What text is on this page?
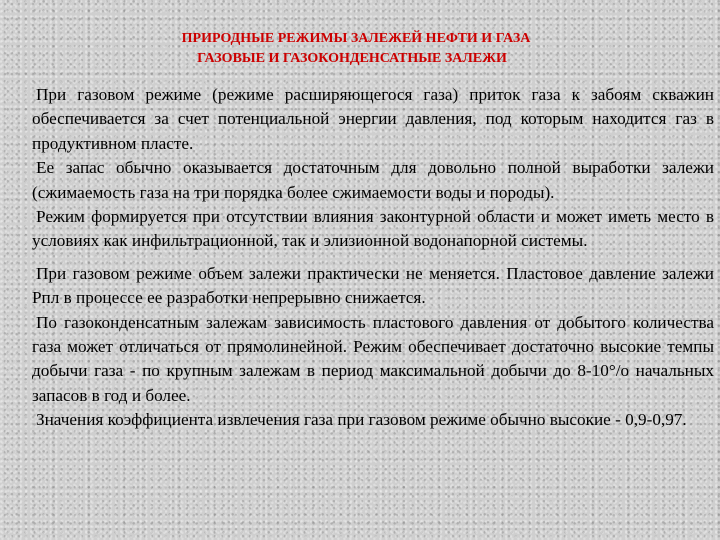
ПРИРОДНЫЕ РЕЖИМЫ ЗАЛЕЖЕЙ НЕФТИ И ГАЗА
ГАЗОВЫЕ И ГАЗОКОНДЕНСАТНЫЕ ЗАЛЕЖИ

При газовом режиме (режиме расширяющегося газа) приток газа к забоям скважин обеспечивается за счет потенциальной энергии давления, под которым находится газ в продуктивном пласте.

Ее запас обычно оказывается достаточным для довольно полной выработки залежи (сжимаемость газа на три порядка более сжимаемости воды и породы).

Режим формируется при отсутствии влияния законтурной области и может иметь место в условиях как инфильтрационной, так и элизионной водонапорной системы.

При газовом режиме объем залежи практически не меняется. Пластовое давление залежи Рпл в процессе ее разработки непрерывно снижается.

По газоконденсатным залежам зависимость пластового давления от добытого количества газа может отличаться от прямолинейной. Режим обеспечивает достаточно высокие темпы добычи газа - по крупным залежам в период максимальной добычи до 8-10°/о начальных запасов в год и более.

Значения коэффициента извлечения газа при газовом режиме обычно высокие - 0,9-0,97.
